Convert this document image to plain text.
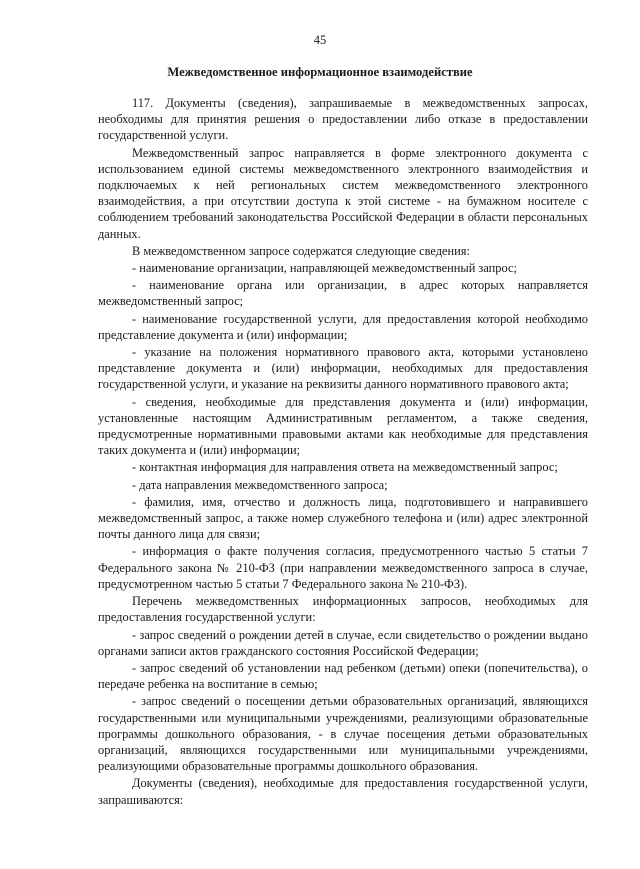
45
Межведомственное информационное взаимодействие

117. Документы (сведения), запрашиваемые в межведомственных запросах, необходимы для принятия решения о предоставлении либо отказе в предоставлении государственной услуги.

Межведомственный запрос направляется в форме электронного документа с использованием единой системы межведомственного электронного взаимодействия и подключаемых к ней региональных систем межведомственного электронного взаимодействия, а при отсутствии доступа к этой системе - на бумажном носителе с соблюдением требований законодательства Российской Федерации в области персональных данных.

В межведомственном запросе содержатся следующие сведения:

- наименование организации, направляющей межведомственный запрос;

- наименование органа или организации, в адрес которых направляется межведомственный запрос;

- наименование государственной услуги, для предоставления которой необходимо представление документа и (или) информации;

- указание на положения нормативного правового акта, которыми установлено представление документа и (или) информации, необходимых для предоставления государственной услуги, и указание на реквизиты данного нормативного правового акта;

- сведения, необходимые для представления документа и (или) информации, установленные настоящим Административным регламентом, а также сведения, предусмотренные нормативными правовыми актами как необходимые для представления таких документа и (или) информации;

- контактная информация для направления ответа на межведомственный запрос;

- дата направления межведомственного запроса;

- фамилия, имя, отчество и должность лица, подготовившего и направившего межведомственный запрос, а также номер служебного телефона и (или) адрес электронной почты данного лица для связи;

- информация о факте получения согласия, предусмотренного частью 5 статьи 7 Федерального закона № 210-ФЗ (при направлении межведомственного запроса в случае, предусмотренном частью 5 статьи 7 Федерального закона № 210-ФЗ).

Перечень межведомственных информационных запросов, необходимых для предоставления государственной услуги:

- запрос сведений о рождении детей в случае, если свидетельство о рождении выдано органами записи актов гражданского состояния Российской Федерации;

- запрос сведений об установлении над ребенком (детьми) опеки (попечительства), о передаче ребенка на воспитание в семью;

- запрос сведений о посещении детьми образовательных организаций, являющихся государственными или муниципальными учреждениями, реализующими образовательные программы дошкольного образования, - в случае посещения детьми образовательных организаций, являющихся государственными или муниципальными учреждениями, реализующими образовательные программы дошкольного образования.

Документы (сведения), необходимые для предоставления государственной услуги, запрашиваются:
